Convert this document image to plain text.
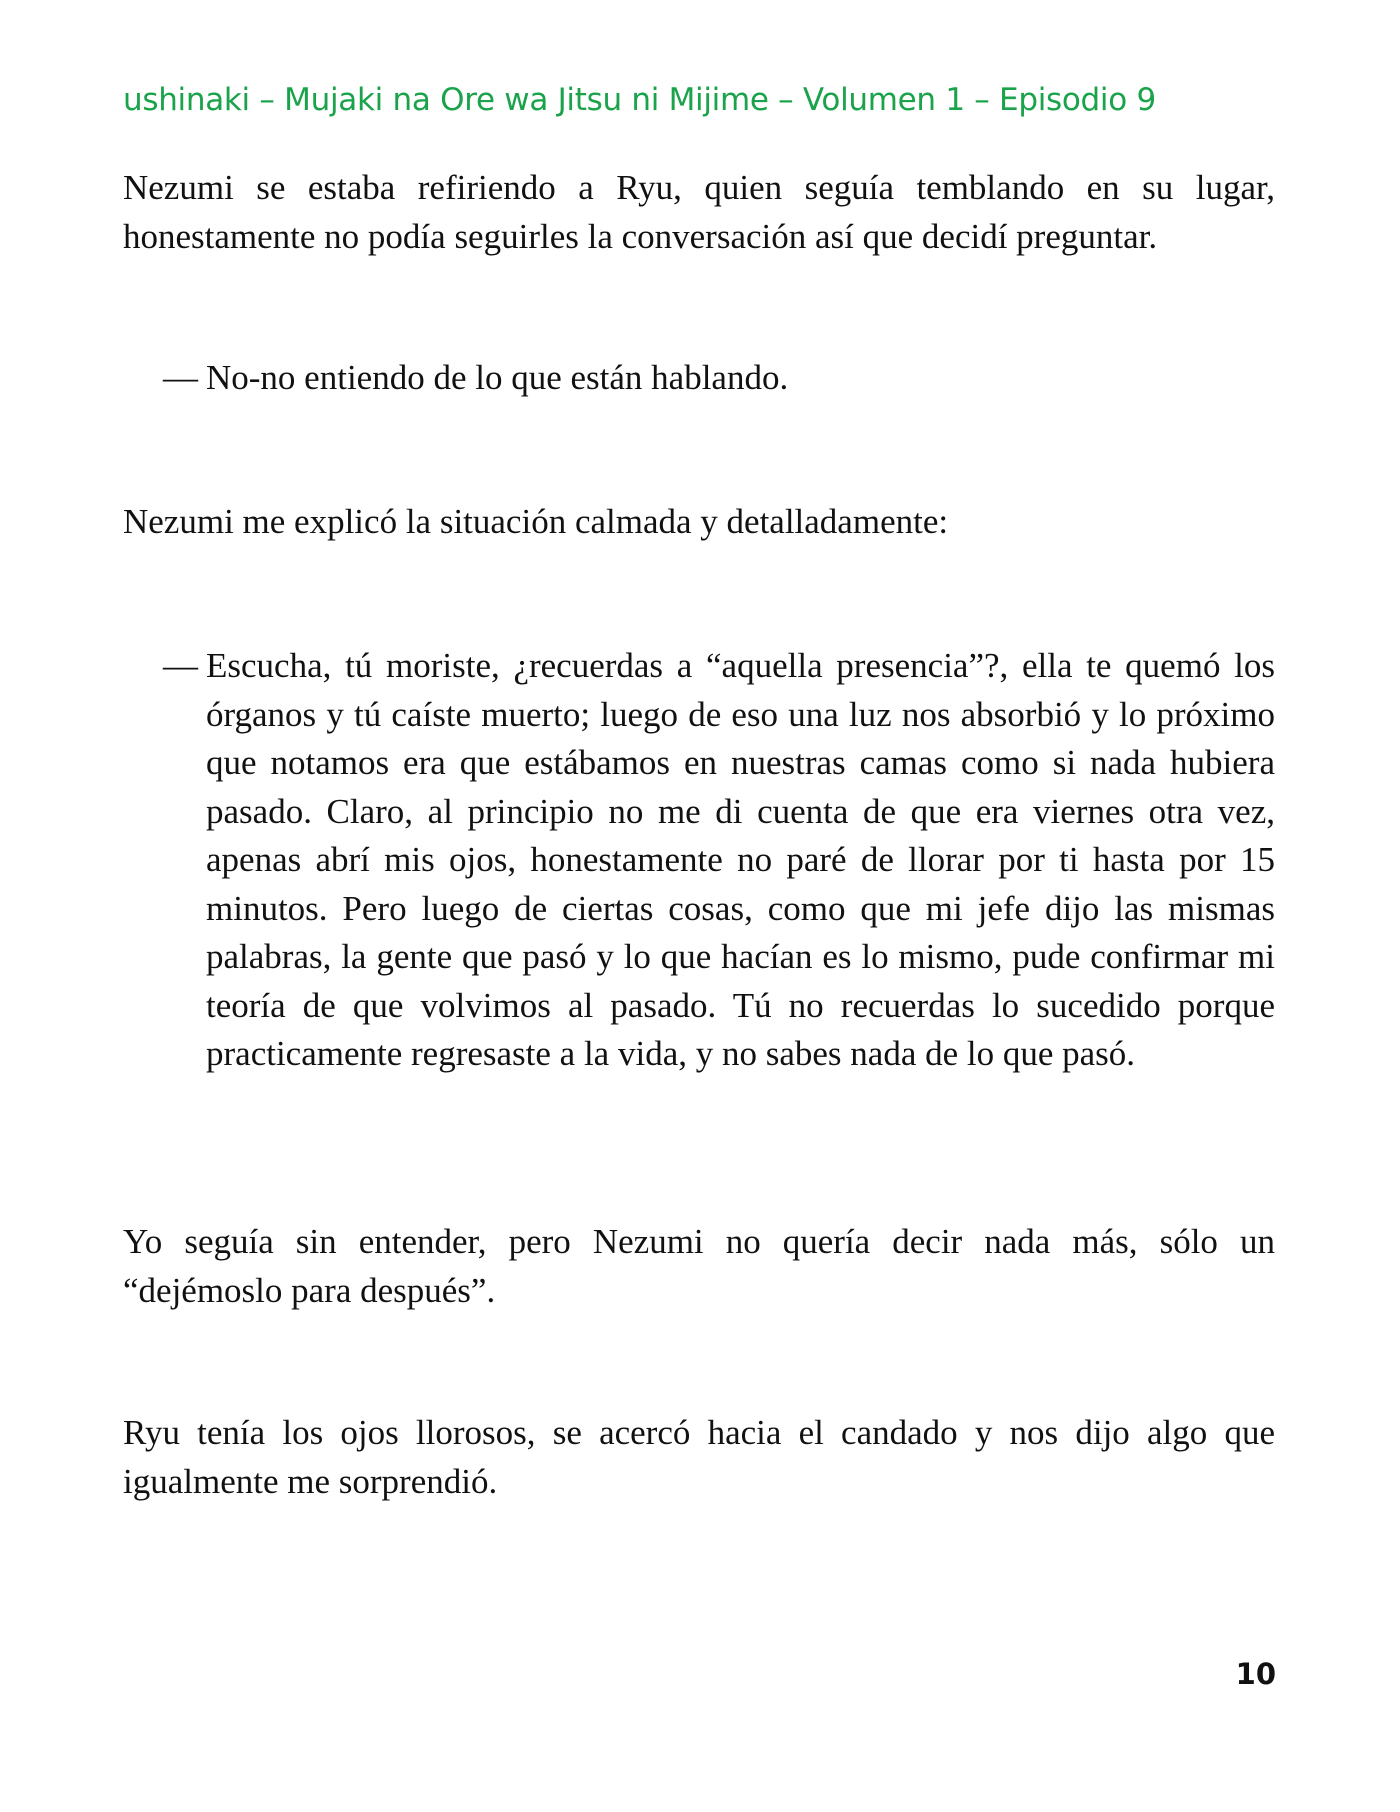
ushinaki – Mujaki na Ore wa Jitsu ni Mijime – Volumen 1 – Episodio 9

Nezumi se estaba refiriendo a Ryu, quien seguía temblando en su lugar, honestamente no podía seguirles la conversación así que decidí preguntar.

— No-no entiendo de lo que están hablando.

Nezumi me explicó la situación calmada y detalladamente:

— Escucha, tú moriste, ¿recuerdas a “aquella presencia”?, ella te quemó los órganos y tú caíste muerto; luego de eso una luz nos absorbió y lo próximo que notamos era que estábamos en nuestras camas como si nada hubiera pasado. Claro, al principio no me di cuenta de que era viernes otra vez, apenas abrí mis ojos, honestamente no paré de llorar por ti hasta por 15 minutos. Pero luego de ciertas cosas, como que mi jefe dijo las mismas palabras, la gente que pasó y lo que hacían es lo mismo, pude confirmar mi teoría de que volvimos al pasado. Tú no recuerdas lo sucedido porque practicamente regresaste a la vida, y no sabes nada de lo que pasó.

Yo seguía sin entender, pero Nezumi no quería decir nada más, sólo un “dejémoslo para después”.

Ryu tenía los ojos llorosos, se acercó hacia el candado y nos dijo algo que igualmente me sorprendió.

10
